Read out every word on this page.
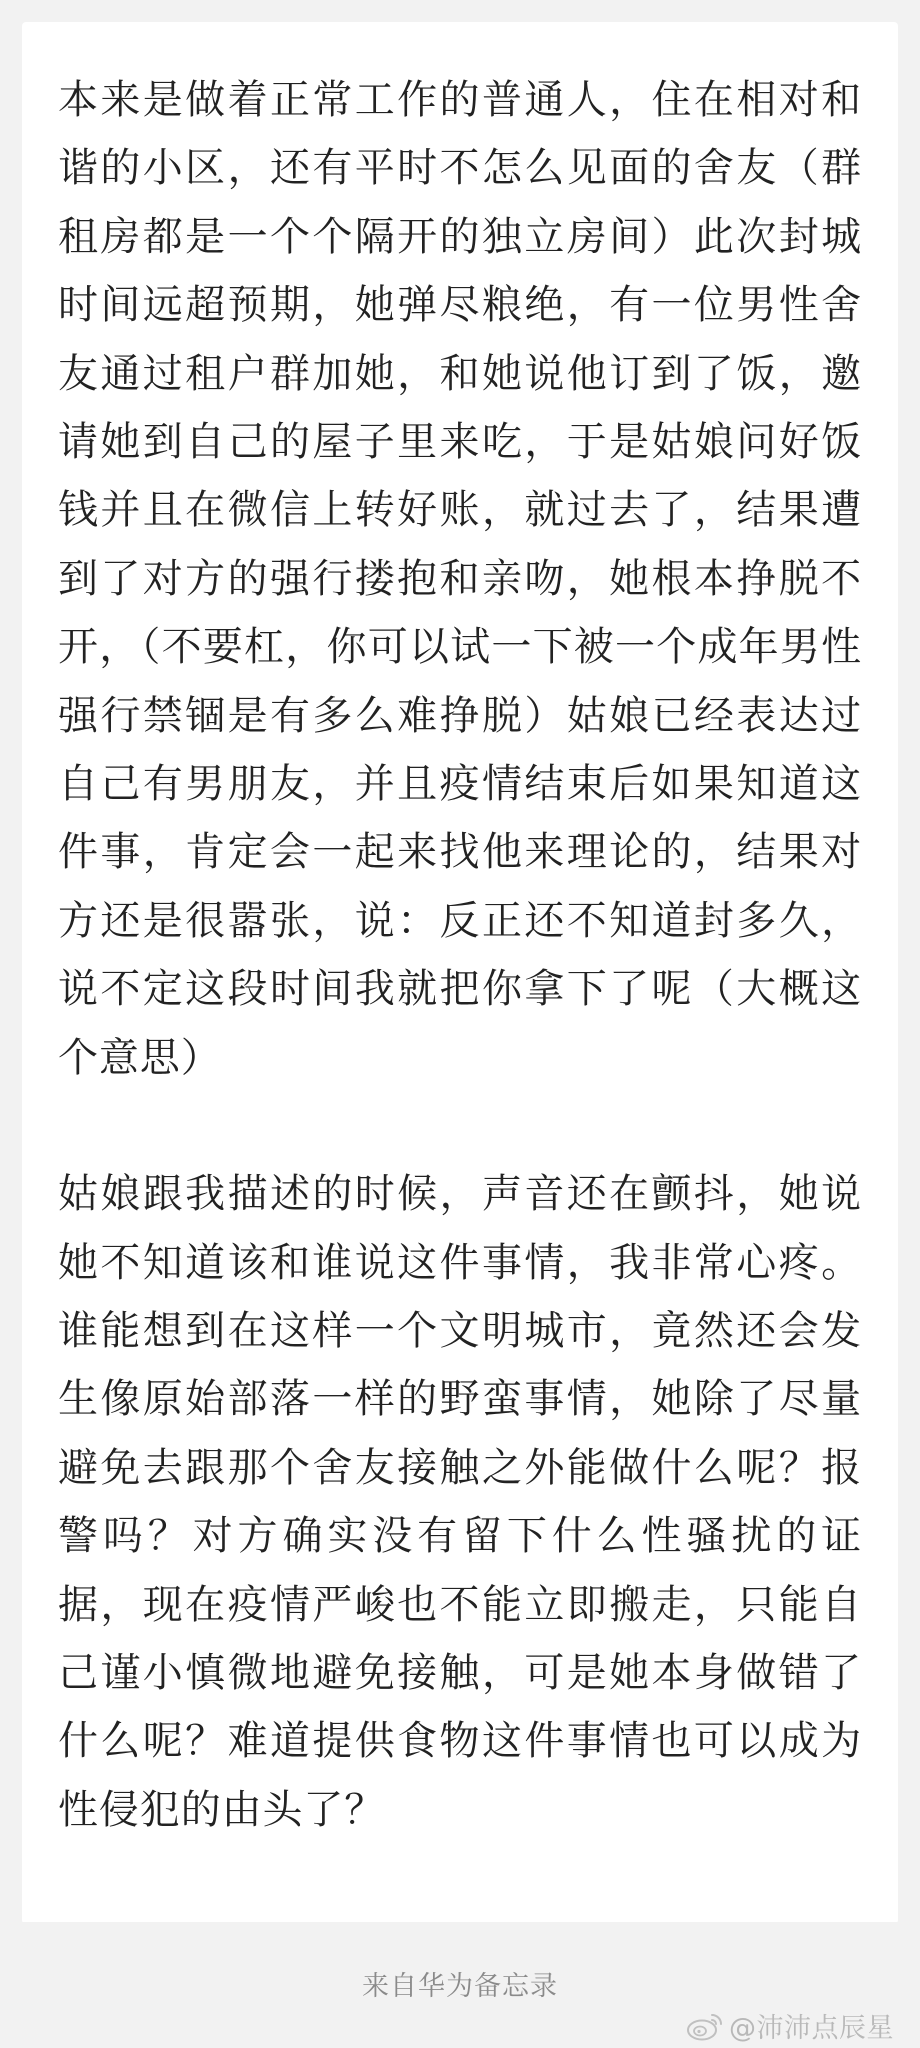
本来是做着正常工作的普通人，住在相对和谐的小区，还有平时不怎么见面的舍友（群租房都是一个个隔开的独立房间）此次封城时间远超预期，她弹尽粮绝，有一位男性舍友通过租户群加她，和她说他订到了饭，邀请她到自己的屋子里来吃，于是姑娘问好饭钱并且在微信上转好账，就过去了，结果遭到了对方的强行搂抱和亲吻，她根本挣脱不开，（不要杠，你可以试一下被一个成年男性强行禁锢是有多么难挣脱）姑娘已经表达过自己有男朋友，并且疫情结束后如果知道这件事，肯定会一起来找他来理论的，结果对方还是很嚣张，说：反正还不知道封多久，说不定这段时间我就把你拿下了呢（大概这个意思）

姑娘跟我描述的时候，声音还在颤抖，她说她不知道该和谁说这件事情，我非常心疼。谁能想到在这样一个文明城市，竟然还会发生像原始部落一样的野蛮事情，她除了尽量避免去跟那个舍友接触之外能做什么呢？报警吗？对方确实没有留下什么性骚扰的证据，现在疫情严峻也不能立即搬走，只能自己谨小慎微地避免接触，可是她本身做错了什么呢？难道提供食物这件事情也可以成为性侵犯的由头了？

来自华为备忘录
@沛沛点辰星
